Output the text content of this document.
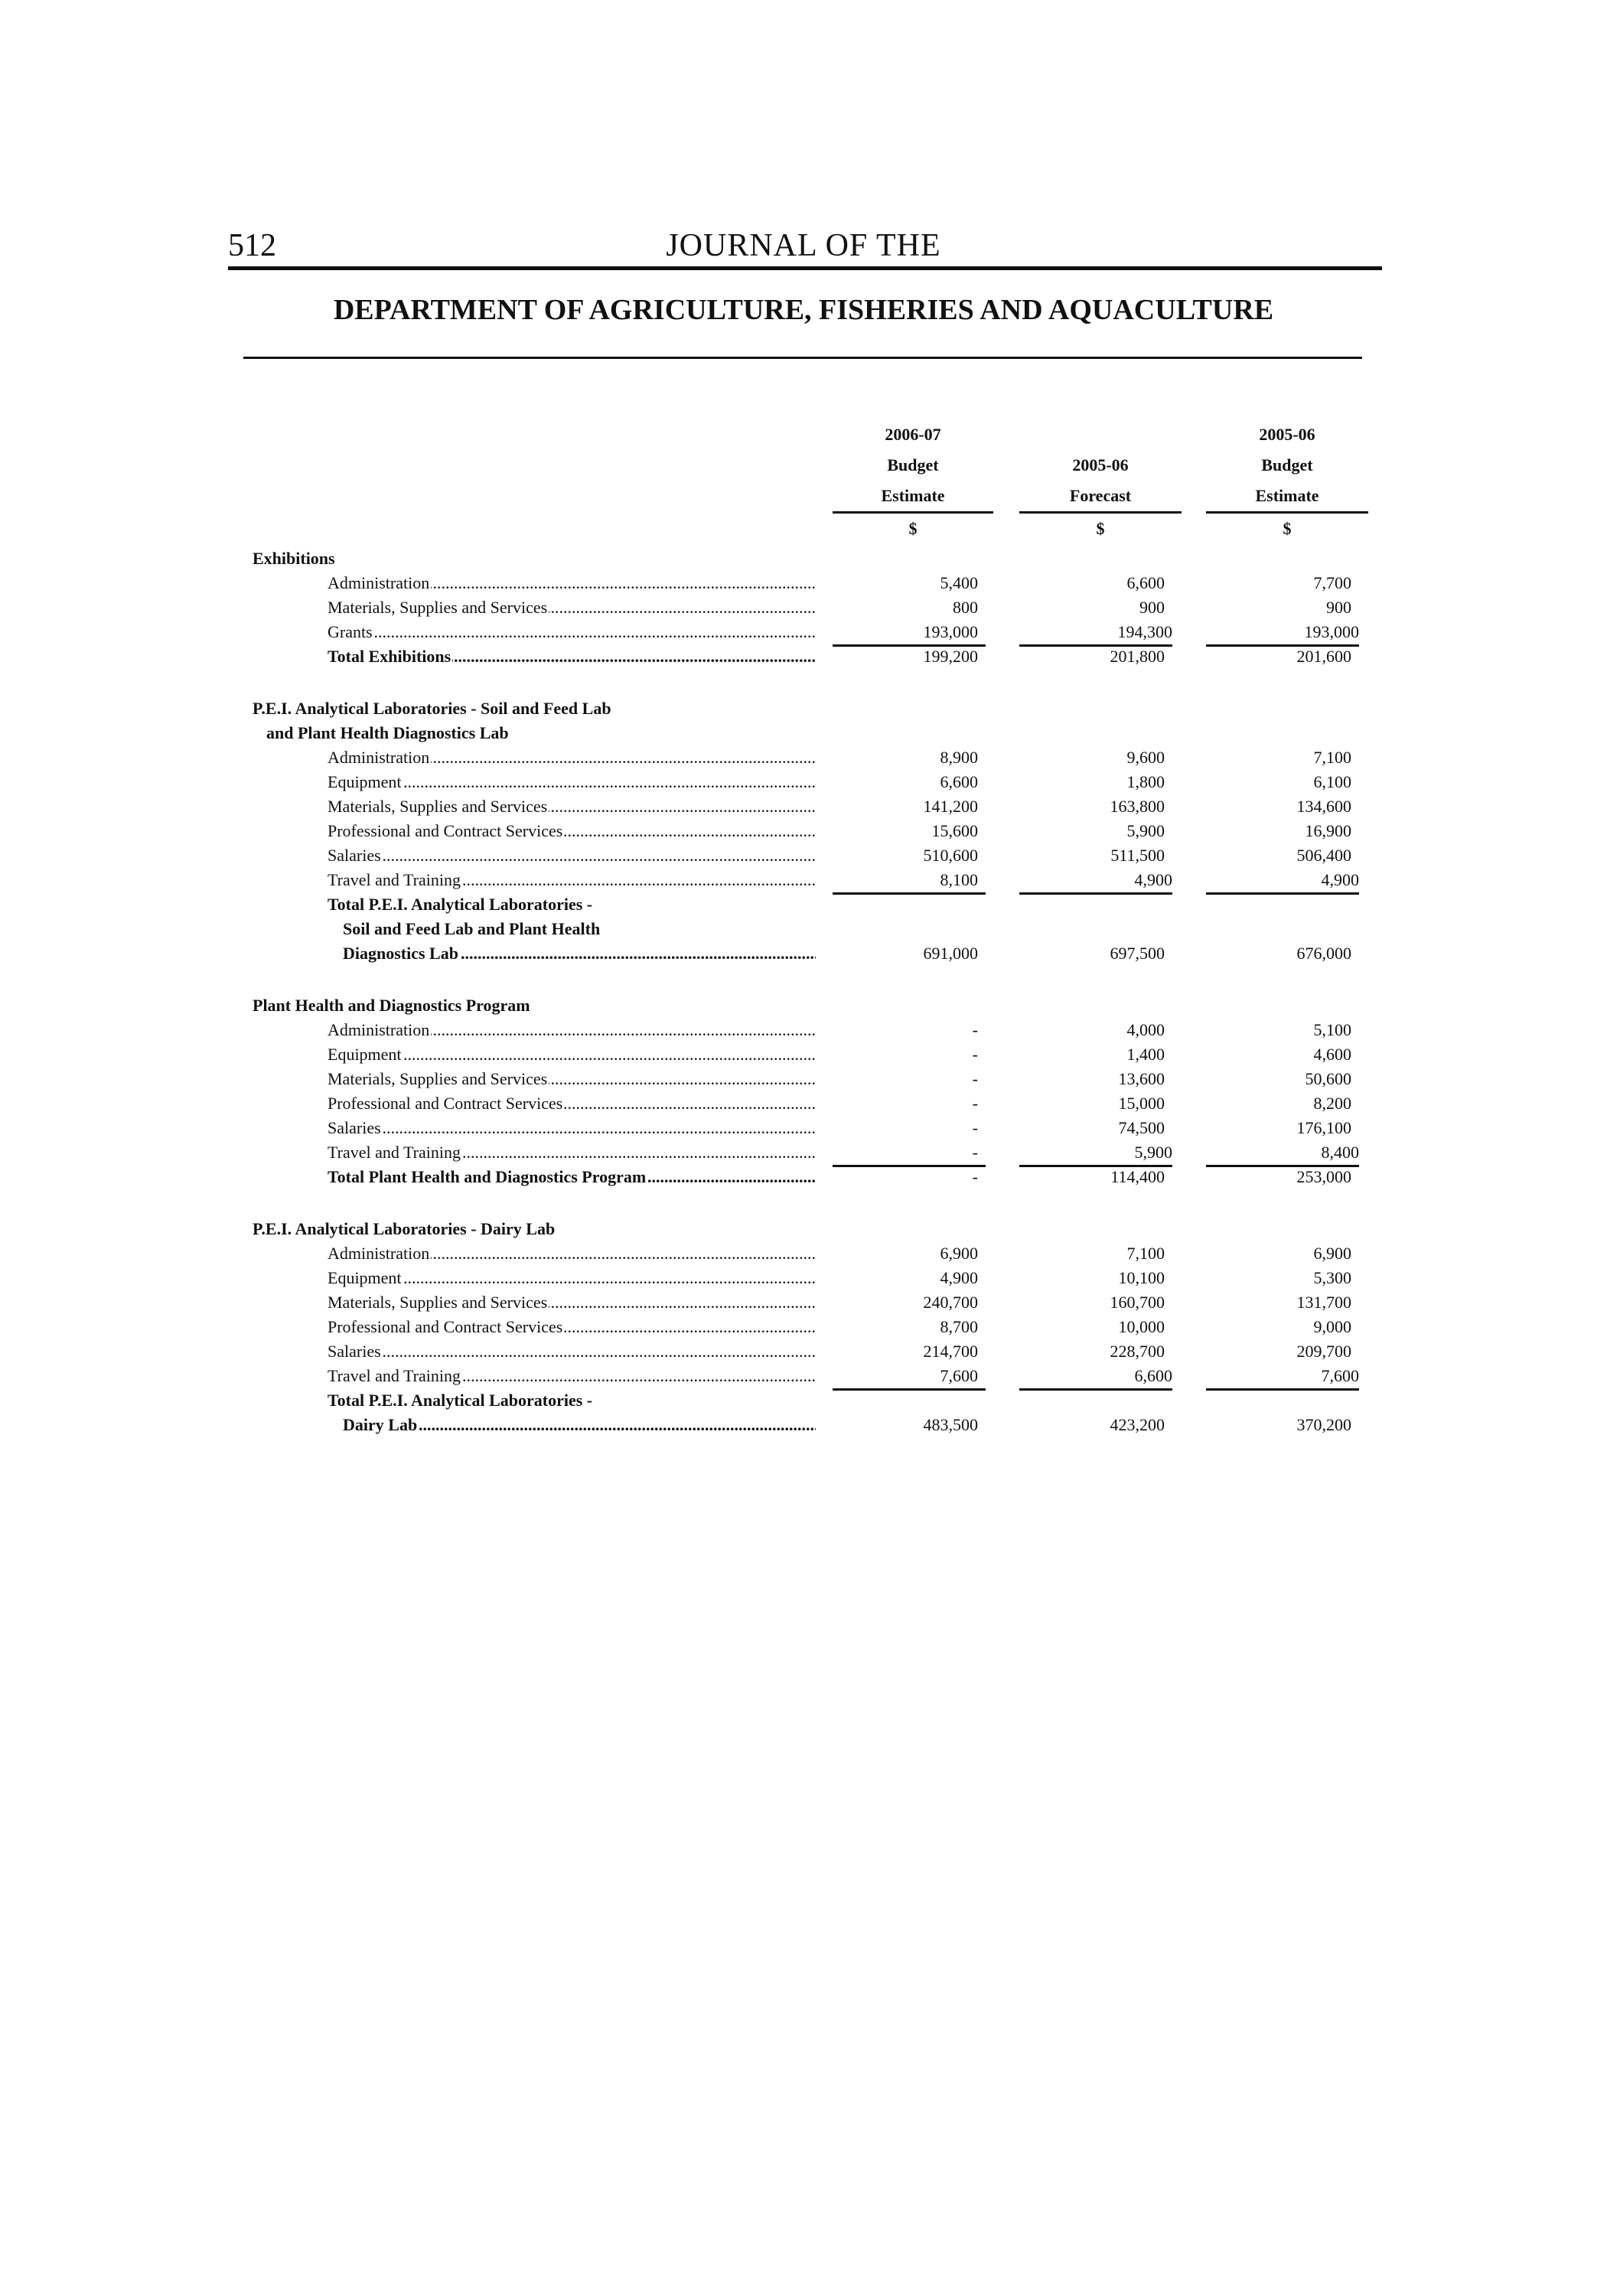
512	JOURNAL OF THE
DEPARTMENT OF AGRICULTURE, FISHERIES AND AQUACULTURE
2006-07
Budget
Estimate
$
2005-06
Forecast
$
2005-06
Budget
Estimate
$
Exhibitions
Administration .....	5,400	6,600	7,700
Materials, Supplies and Services .....	800	900	900
Grants .....	193,000	194,300	193,000
Total Exhibitions .....	199,200	201,800	201,600
P.E.I. Analytical Laboratories - Soil and Feed Lab
and Plant Health Diagnostics Lab
Administration .....	8,900	9,600	7,100
Equipment .....	6,600	1,800	6,100
Materials, Supplies and Services .....	141,200	163,800	134,600
Professional and Contract Services .....	15,600	5,900	16,900
Salaries .....	510,600	511,500	506,400
Travel and Training .....	8,100	4,900	4,900
Total P.E.I. Analytical Laboratories -
Soil and Feed Lab and Plant Health
Diagnostics Lab .....	691,000	697,500	676,000
Plant Health and Diagnostics Program
Administration .....	-	4,000	5,100
Equipment .....	-	1,400	4,600
Materials, Supplies and Services .....	-	13,600	50,600
Professional and Contract Services .....	-	15,000	8,200
Salaries .....	-	74,500	176,100
Travel and Training .....	-	5,900	8,400
Total Plant Health and Diagnostics Program .....	-	114,400	253,000
P.E.I. Analytical Laboratories - Dairy Lab
Administration .....	6,900	7,100	6,900
Equipment .....	4,900	10,100	5,300
Materials, Supplies and Services .....	240,700	160,700	131,700
Professional and Contract Services .....	8,700	10,000	9,000
Salaries .....	214,700	228,700	209,700
Travel and Training .....	7,600	6,600	7,600
Total P.E.I. Analytical Laboratories -
Dairy Lab .....	483,500	423,200	370,200
